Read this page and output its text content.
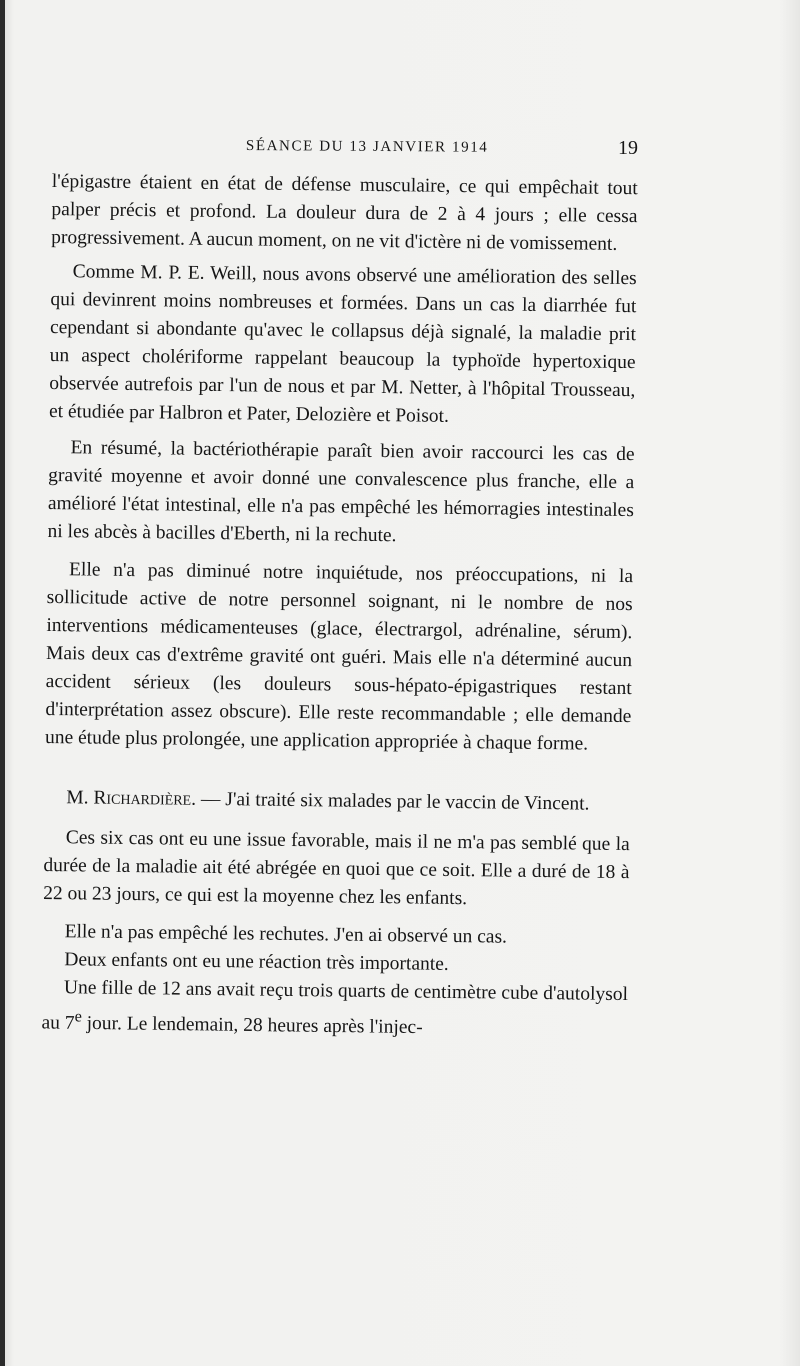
SÉANCE DU 13 JANVIER 1914	19

l'épigastre étaient en état de défense musculaire, ce qui empêchait tout palper précis et profond. La douleur dura de 2 à 4 jours ; elle cessa progressivement. A aucun moment, on ne vit d'ictère ni de vomissement.

Comme M. P. E. Weill, nous avons observé une amélioration des selles qui devinrent moins nombreuses et formées. Dans un cas la diarrhée fut cependant si abondante qu'avec le collapsus déjà signalé, la maladie prit un aspect cholériforme rappelant beaucoup la typhoïde hypertoxique observée autrefois par l'un de nous et par M. Netter, à l'hôpital Trousseau, et étudiée par Halbron et Pater, Delozière et Poisot.

En résumé, la bactériothérapie paraît bien avoir raccourci les cas de gravité moyenne et avoir donné une convalescence plus franche, elle a amélioré l'état intestinal, elle n'a pas empêché les hémorragies intestinales ni les abcès à bacilles d'Eberth, ni la rechute.

Elle n'a pas diminué notre inquiétude, nos préoccupations, ni la sollicitude active de notre personnel soignant, ni le nombre de nos interventions médicamenteuses (glace, électrargol, adrénaline, sérum). Mais deux cas d'extrême gravité ont guéri. Mais elle n'a déterminé aucun accident sérieux (les douleurs sous-hépato-épigastriques restant d'interprétation assez obscure). Elle reste recommandable ; elle demande une étude plus prolongée, une application appropriée à chaque forme.

M. Richardière. — J'ai traité six malades par le vaccin de Vincent.

Ces six cas ont eu une issue favorable, mais il ne m'a pas semblé que la durée de la maladie ait été abrégée en quoi que ce soit. Elle a duré de 18 à 22 ou 23 jours, ce qui est la moyenne chez les enfants.

Elle n'a pas empêché les rechutes. J'en ai observé un cas.

Deux enfants ont eu une réaction très importante.

Une fille de 12 ans avait reçu trois quarts de centimètre cube d'autolysol au 7e jour. Le lendemain, 28 heures après l'injec-
